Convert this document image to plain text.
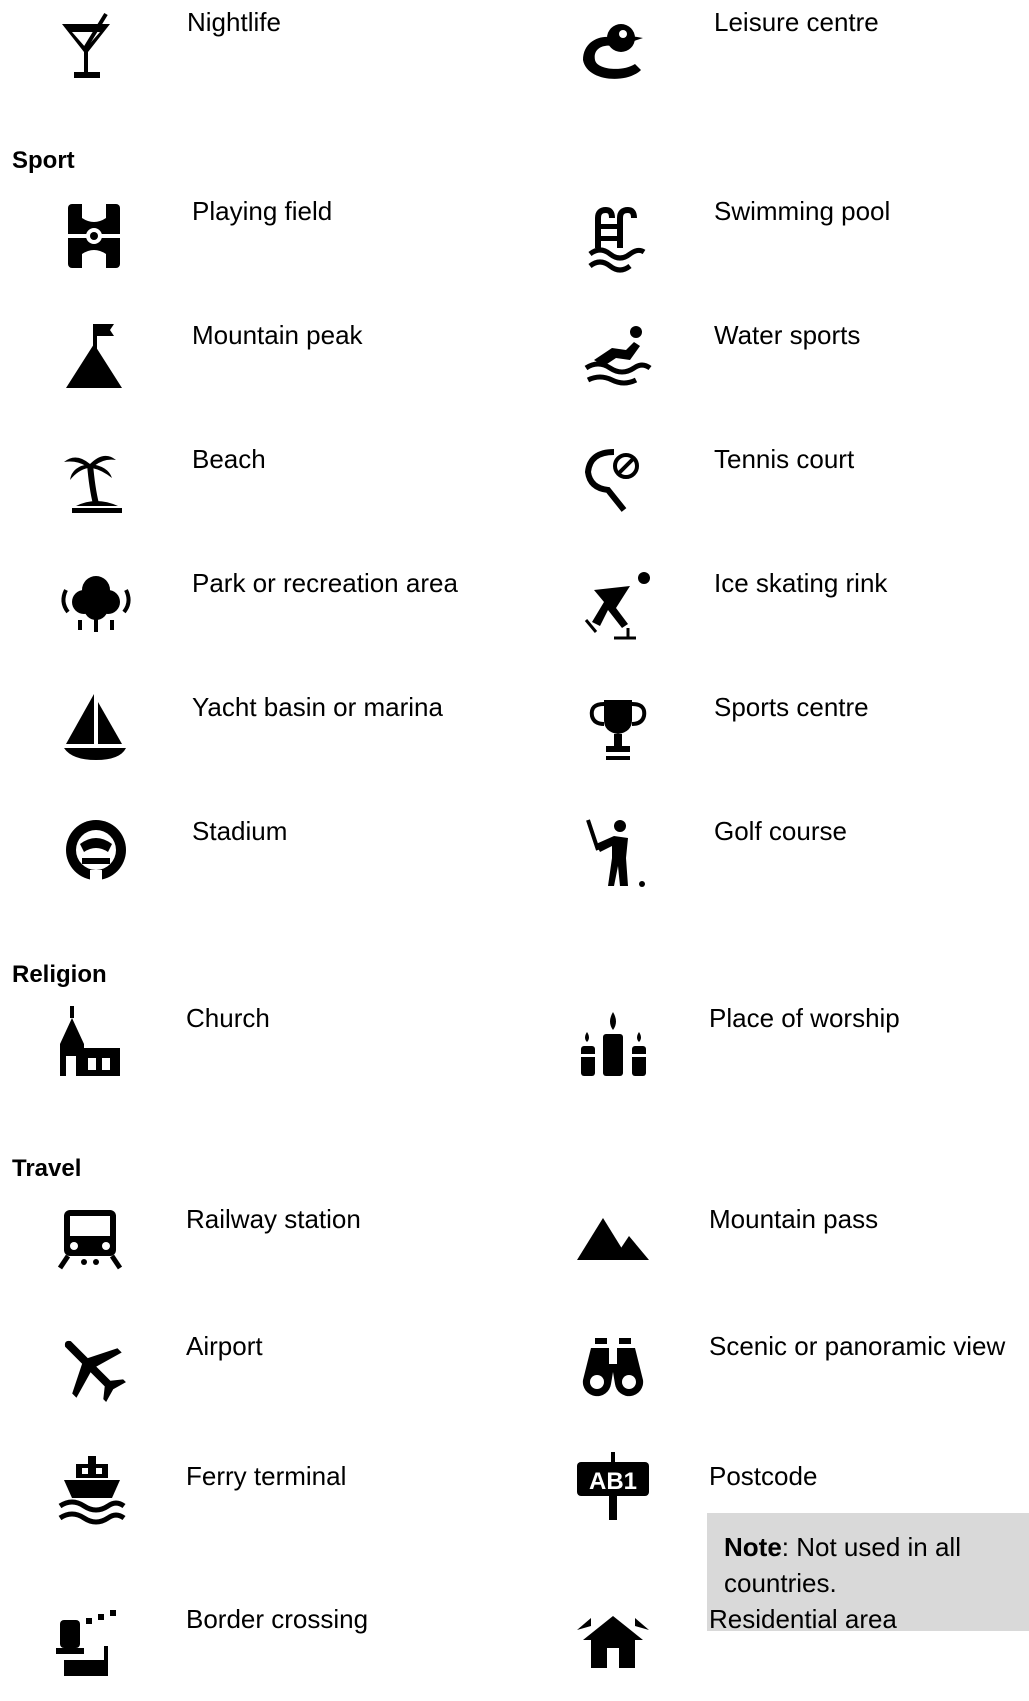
Nightlife	Leisure centre
Sport
Playing field	Swimming pool
Mountain peak	Water sports
Beach	Tennis court
Park or recreation area	Ice skating rink
Yacht basin or marina	Sports centre
Stadium	Golf course
Religion
Church	Place of worship
Travel
Railway station	Mountain pass
Airport	Scenic or panoramic view
Ferry terminal	AB1	Postcode
Note: Not used in all countries.
Border crossing	Residential area
